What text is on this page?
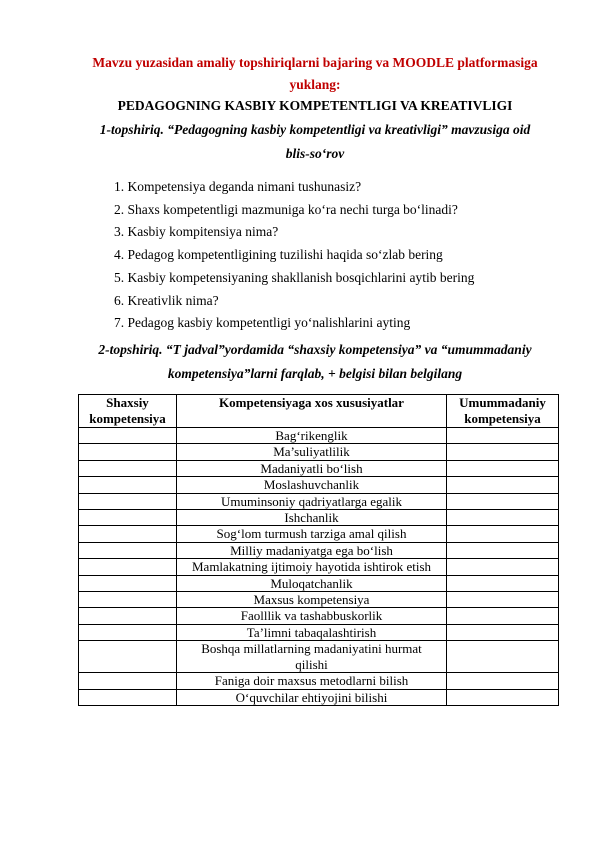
Mavzu yuzasidan amaliy topshiriqlarni bajaring va MOODLE platformasiga
yuklang:
PEDAGOGNING KASBIY KOMPETENTLIGI VA KREATIVLIGI
1-topshiriq. “Pedagogning kasbiy kompetentligi va kreativligi” mavzusiga oid
blis-so‘rov
1. Kompetensiya deganda nimani tushunasiz?
2. Shaxs kompetentligi mazmuniga ko‘ra nechi turga bo‘linadi?
3. Kasbiy kompitensiya nima?
4. Pedagog kompetentligining tuzilishi haqida so‘zlab bering
5. Kasbiy kompetensiyaning shakllanish bosqichlarini aytib bering
6. Kreativlik nima?
7. Pedagog kasbiy kompetentligi yo‘nalishlarini ayting
2-topshiriq. “T jadval”yordamida “shaxsiy kompetensiya” va “umummadaniy
kompetensiya”larni farqlab, + belgisi bilan belgilang
Shaxsiy kompetensiya	Kompetensiyaga xos xususiyatlar	Umummadaniy kompetensiya
	Bag‘rikenglik	
	Ma’suliyatlilik	
	Madaniyatli bo‘lish	
	Moslashuvchanlik	
	Umuminsoniy qadriyatlarga egalik	
	Ishchanlik	
	Sog‘lom turmush tarziga amal qilish	
	Milliy madaniyatga ega bo‘lish	
	Mamlakatning ijtimoiy hayotida ishtirok etish	
	Muloqatchanlik	
	Maxsus kompetensiya	
	Faolllik va tashabbuskorlik	
	Ta’limni tabaqalashtirish	
	Boshqa millatlarning madaniyatini hurmat qilishi	
	Faniga doir maxsus metodlarni bilish	
	O‘quvchilar ehtiyojini bilishi	
